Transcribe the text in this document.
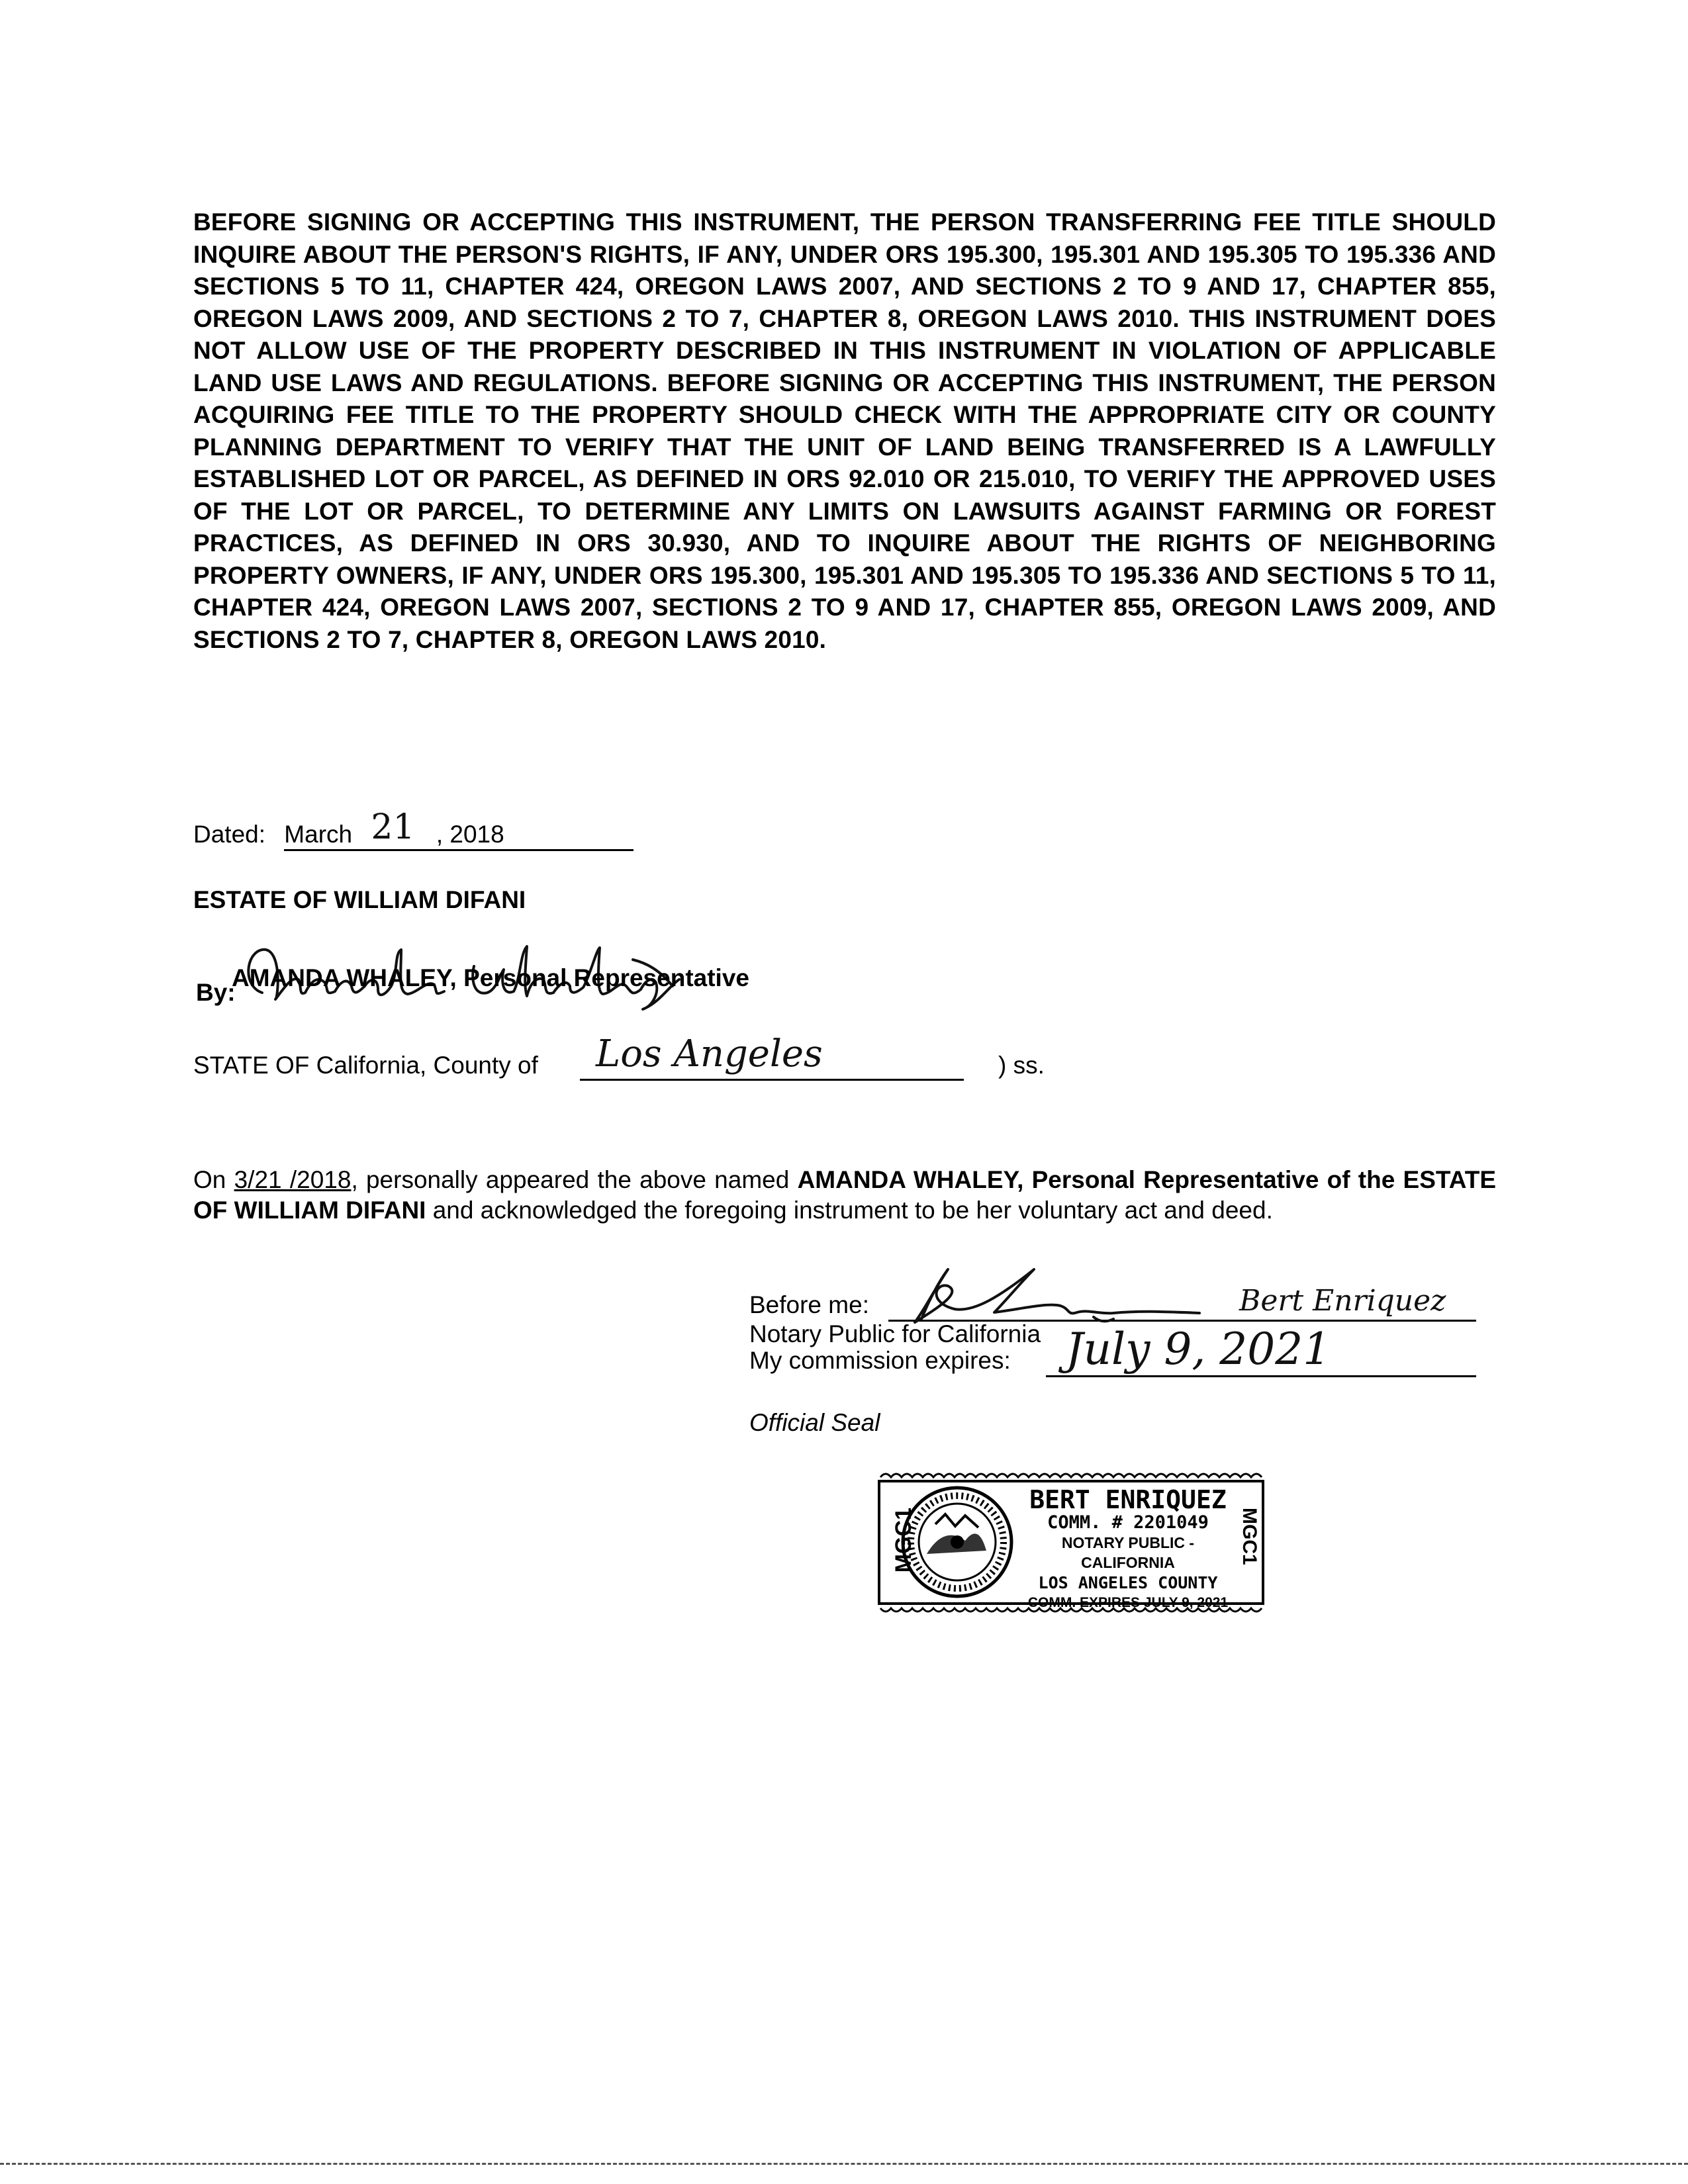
BEFORE SIGNING OR ACCEPTING THIS INSTRUMENT, THE PERSON TRANSFERRING FEE TITLE SHOULD INQUIRE ABOUT THE PERSON'S RIGHTS, IF ANY, UNDER ORS 195.300, 195.301 AND 195.305 TO 195.336 AND SECTIONS 5 TO 11, CHAPTER 424, OREGON LAWS 2007, AND SECTIONS 2 TO 9 AND 17, CHAPTER 855, OREGON LAWS 2009, AND SECTIONS 2 TO 7, CHAPTER 8, OREGON LAWS 2010. THIS INSTRUMENT DOES NOT ALLOW USE OF THE PROPERTY DESCRIBED IN THIS INSTRUMENT IN VIOLATION OF APPLICABLE LAND USE LAWS AND REGULATIONS. BEFORE SIGNING OR ACCEPTING THIS INSTRUMENT, THE PERSON ACQUIRING FEE TITLE TO THE PROPERTY SHOULD CHECK WITH THE APPROPRIATE CITY OR COUNTY PLANNING DEPARTMENT TO VERIFY THAT THE UNIT OF LAND BEING TRANSFERRED IS A LAWFULLY ESTABLISHED LOT OR PARCEL, AS DEFINED IN ORS 92.010 OR 215.010, TO VERIFY THE APPROVED USES OF THE LOT OR PARCEL, TO DETERMINE ANY LIMITS ON LAWSUITS AGAINST FARMING OR FOREST PRACTICES, AS DEFINED IN ORS 30.930, AND TO INQUIRE ABOUT THE RIGHTS OF NEIGHBORING PROPERTY OWNERS, IF ANY, UNDER ORS 195.300, 195.301 AND 195.305 TO 195.336 AND SECTIONS 5 TO 11, CHAPTER 424, OREGON LAWS 2007, SECTIONS 2 TO 9 AND 17, CHAPTER 855, OREGON LAWS 2009, AND SECTIONS 2 TO 7, CHAPTER 8, OREGON LAWS 2010.
Dated: March 21 , 2018
ESTATE OF WILLIAM DIFANI
By:
AMANDA WHALEY, Personal Representative
STATE OF California, County of Los Angeles	) ss.
On 3/21 /2018, personally appeared the above named AMANDA WHALEY, Personal Representative of the ESTATE OF WILLIAM DIFANI and acknowledged the foregoing instrument to be her voluntary act and deed.
Before me:	Bert Enriquez
Notary Public for California
My commission expires: July 9, 2021
Official Seal
MGC1	MGC1
BERT ENRIQUEZ
COMM. # 2201049
NOTARY PUBLIC - CALIFORNIA
LOS ANGELES COUNTY
COMM. EXPIRES JULY 9, 2021
